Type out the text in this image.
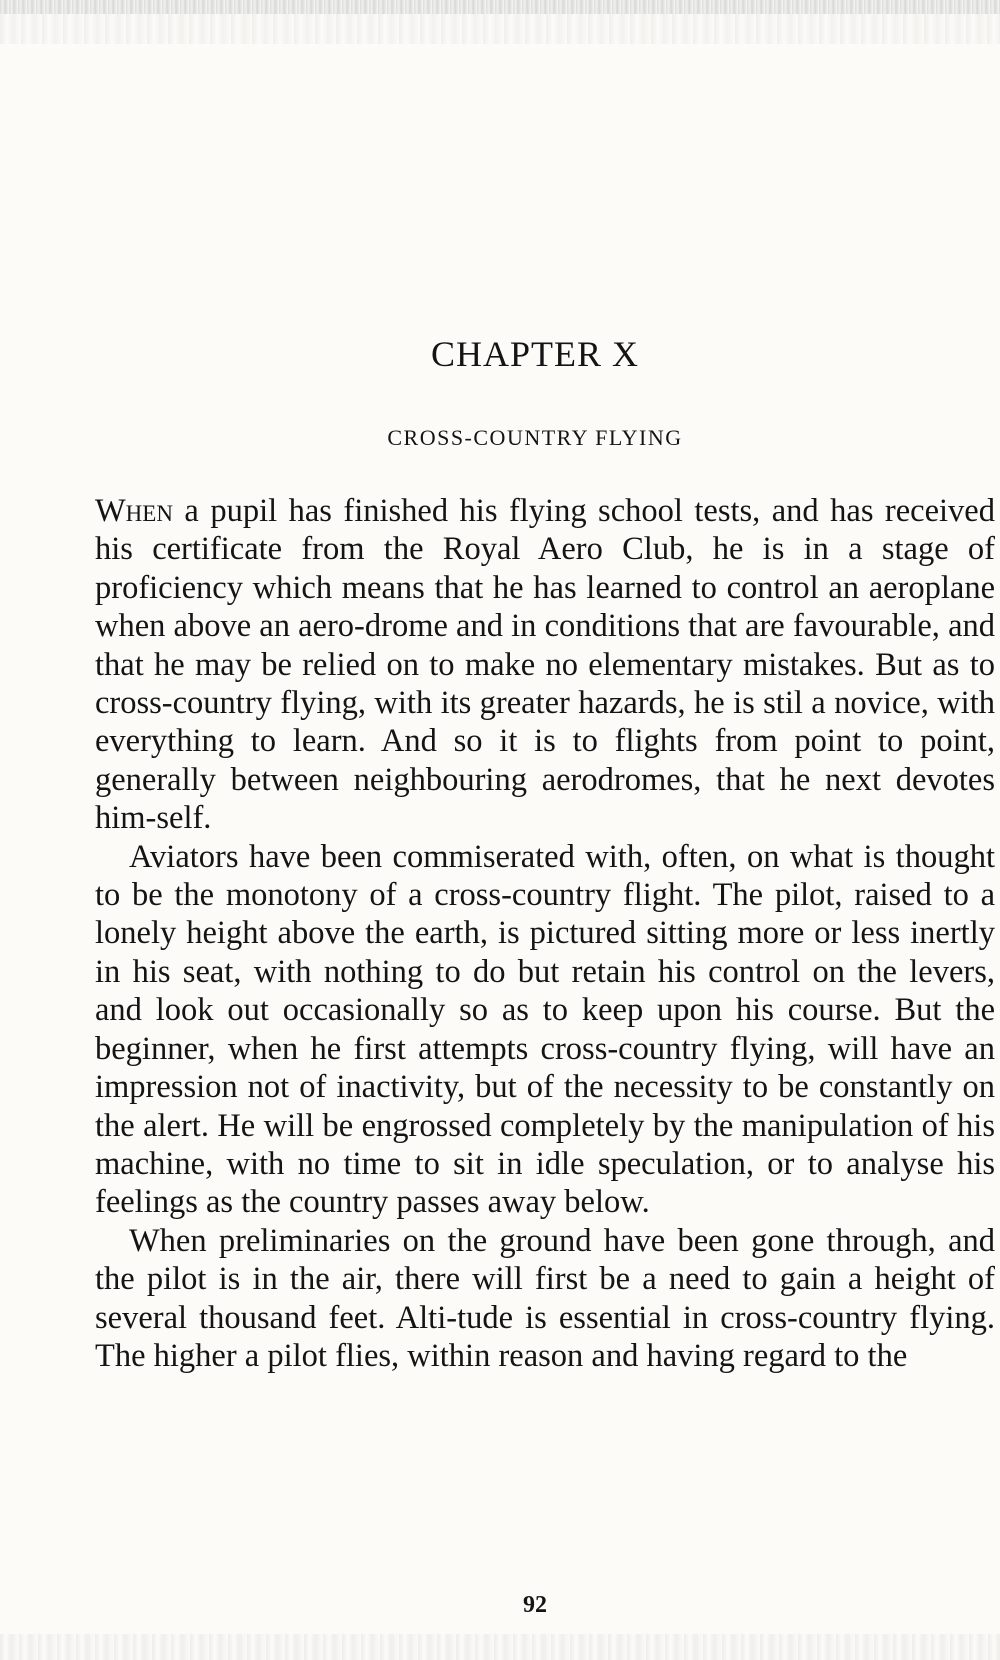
CHAPTER X
CROSS-COUNTRY FLYING

When a pupil has finished his flying school tests, and has received his certificate from the Royal Aero Club, he is in a stage of proficiency which means that he has learned to control an aeroplane when above an aero-drome and in conditions that are favourable, and that he may be relied on to make no elementary mistakes. But as to cross-country flying, with its greater hazards, he is stil a novice, with everything to learn. And so it is to flights from point to point, generally between neighbouring aerodromes, that he next devotes him-self.

Aviators have been commiserated with, often, on what is thought to be the monotony of a cross-country flight. The pilot, raised to a lonely height above the earth, is pictured sitting more or less inertly in his seat, with nothing to do but retain his control on the levers, and look out occasionally so as to keep upon his course. But the beginner, when he first attempts cross-country flying, will have an impression not of inactivity, but of the necessity to be constantly on the alert. He will be engrossed completely by the manipulation of his machine, with no time to sit in idle speculation, or to analyse his feelings as the country passes away below.

When preliminaries on the ground have been gone through, and the pilot is in the air, there will first be a need to gain a height of several thousand feet. Alti-tude is essential in cross-country flying. The higher a pilot flies, within reason and having regard to the

92
